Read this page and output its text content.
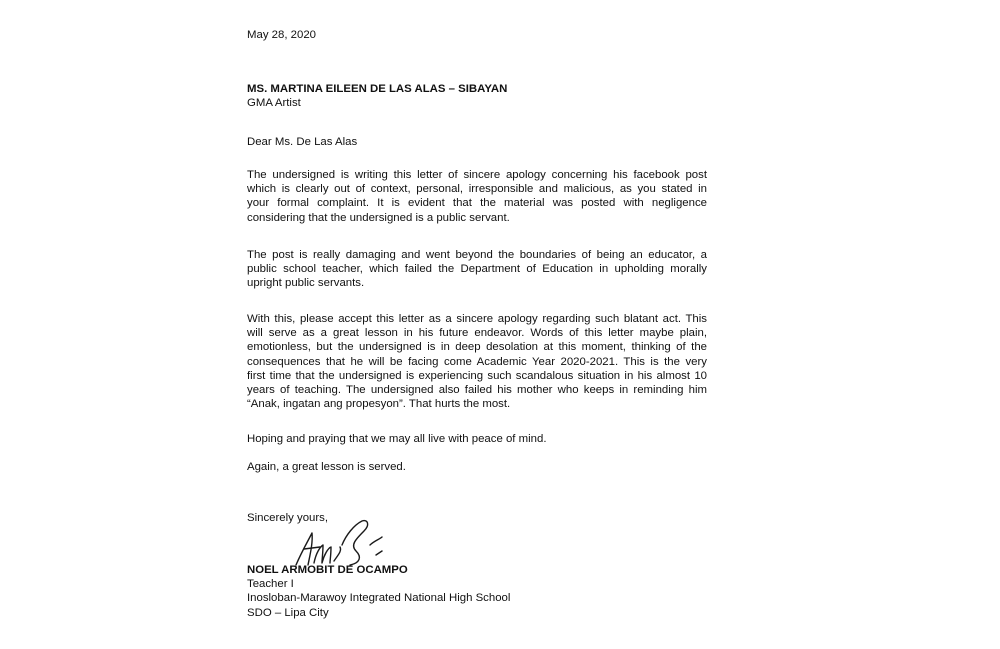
May 28, 2020
MS. MARTINA EILEEN DE LAS ALAS – SIBAYAN
GMA Artist
Dear Ms. De Las Alas
The undersigned is writing this letter of sincere apology concerning his facebook post
which is clearly out of context, personal, irresponsible and malicious, as you stated in
your formal complaint. It is evident that the material was posted with negligence
considering that the undersigned is a public servant.
The post is really damaging and went beyond the boundaries of being an educator, a
public school teacher, which failed the Department of Education in upholding morally
upright public servants.
With this, please accept this letter as a sincere apology regarding such blatant act. This
will serve as a great lesson in his future endeavor. Words of this letter maybe plain,
emotionless, but the undersigned is in deep desolation at this moment, thinking of the
consequences that he will be facing come Academic Year 2020-2021. This is the very
first time that the undersigned is experiencing such scandalous situation in his almost 10
years of teaching. The undersigned also failed his mother who keeps in reminding him
“Anak, ingatan ang propesyon”. That hurts the most.
Hoping and praying that we may all live with peace of mind.
Again, a great lesson is served.
Sincerely yours,
NOEL ARMOBIT DE OCAMPO
Teacher I
Inosloban-Marawoy Integrated National High School
SDO – Lipa City
